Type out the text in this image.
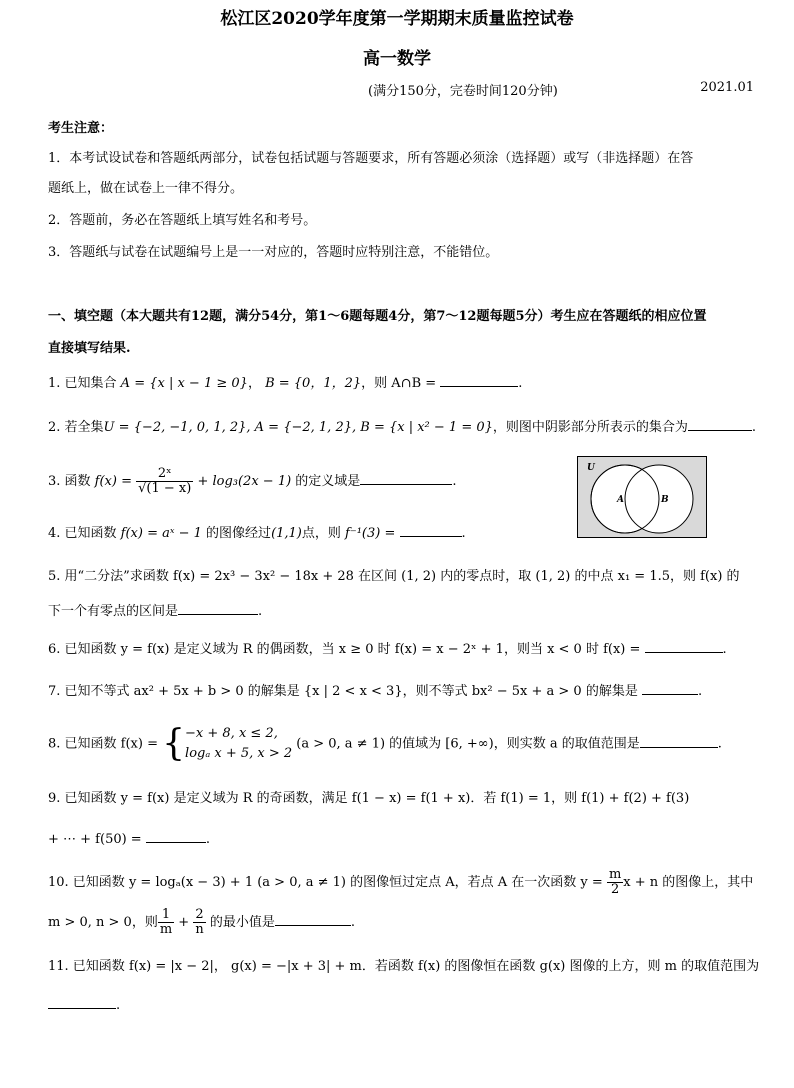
松江区2020学年度第一学期期末质量监控试卷
高一数学
(满分150分，完卷时间120分钟)	2021.01
考生注意：
1．本考试设试卷和答题纸两部分，试卷包括试题与答题要求，所有答题必须涂（选择题）或写（非选择题）在答
题纸上，做在试卷上一律不得分。
2．答题前，务必在答题纸上填写姓名和考号。
3．答题纸与试卷在试题编号上是一一对应的，答题时应特别注意，不能错位。
一、填空题（本大题共有12题，满分54分，第1～6题每题4分，第7～12题每题5分）考生应在答题纸的相应位置
直接填写结果.
1. 已知集合 A = {x | x − 1 ≥ 0}， B = {0，1，2}，则 A∩B =	.
2. 若全集U = {−2, −1, 0, 1, 2}, A = {−2, 1, 2}, B = {x | x² − 1 = 0}，则图中阴影部分所表示的集合为	.
3. 函数 $f(x) = \frac{\text{2ˣ}}{√(1 - x)} + \log_3(2x - 1)$ 的定义域是	.
U
A	B
4. 已知函数 f(x) = aˣ − 1 的图像经过(1,1)点，则 f⁻¹(3) =	.
5. 用“二分法”求函数 f(x) = 2x³ − 3x² − 18x + 28 在区间 (1, 2) 内的零点时，取 (1, 2) 的中点 x₁ = 1.5，则 f(x) 的
下一个有零点的区间是	.
6. 已知函数 y = f(x) 是定义域为 R 的偶函数，当 x ≥ 0 时 f(x) = x − 2ˣ + 1，则当 x < 0 时 f(x) =	.
7. 已知不等式 ax² + 5x + b > 0 的解集是 {x | 2 < x < 3}，则不等式 bx² − 5x + a > 0 的解集是	.
8. 已知函数 f(x) = { −x + 8, x ≤ 2,
logₐ x + 5, x > 2
(a > 0, a ≠ 1) 的值域为 [6, +∞)，则实数 a 的取值范围是	.
9. 已知函数 y = f(x) 是定义域为 R 的奇函数，满足 f(1 − x) = f(1 + x)．若 f(1) = 1，则 f(1) + f(2) + f(3)
+ ⋯ + f(50) =	.
10. 已知函数 y = logₐ(x − 3) + 1 (a > 0, a ≠ 1) 的图像恒过定点 A，若点 A 在一次函数 $y = \frac{m}{2}$ x + n 的图像上，其中
m > 0, n > 0，则 $\frac{1}{m} + \frac{2}{n}$ 的最小值是	.
11. 已知函数 f(x) = |x − 2|， g(x) = −|x + 3| + m．若函数 f(x) 的图像恒在函数 g(x) 图像的上方，则 m 的取值范围为
.
